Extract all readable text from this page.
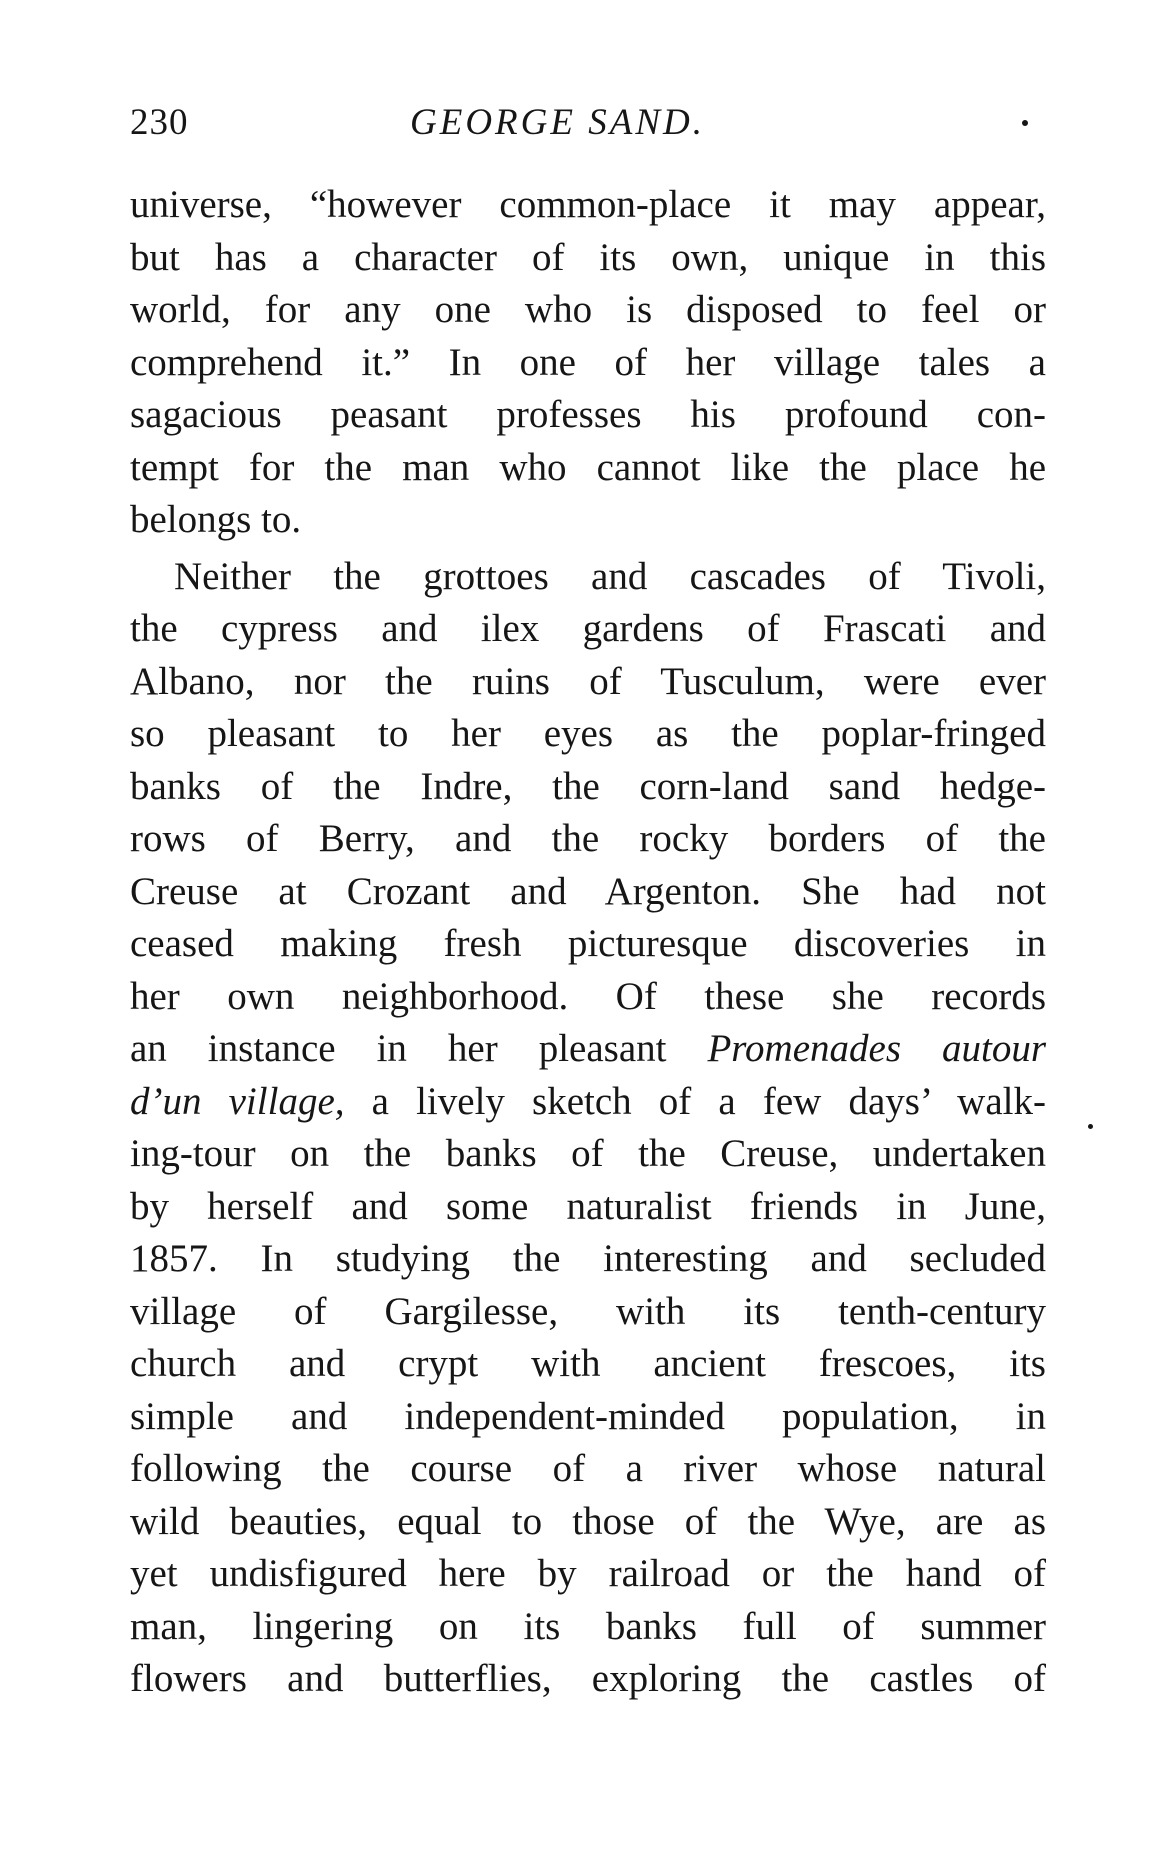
230	GEORGE SAND.
universe, “however common-place it may appear,
but has a character of its own, unique in this
world, for any one who is disposed to feel or
comprehend it.” In one of her village tales a
sagacious peasant professes his profound con-
tempt for the man who cannot like the place he
belongs to.
Neither the grottoes and cascades of Tivoli,
the cypress and ilex gardens of Frascati and
Albano, nor the ruins of Tusculum, were ever
so pleasant to her eyes as the poplar-fringed
banks of the Indre, the corn-land sand hedge-
rows of Berry, and the rocky borders of the
Creuse at Crozant and Argenton. She had not
ceased making fresh picturesque discoveries in
her own neighborhood. Of these she records
an instance in her pleasant Promenades autour
d’un village, a lively sketch of a few days’ walk-
ing-tour on the banks of the Creuse, undertaken
by herself and some naturalist friends in June,
1857. In studying the interesting and secluded
village of Gargilesse, with its tenth-century
church and crypt with ancient frescoes, its
simple and independent-minded population, in
following the course of a river whose natural
wild beauties, equal to those of the Wye, are as
yet undisfigured here by railroad or the hand of
man, lingering on its banks full of summer
flowers and butterflies, exploring the castles of
